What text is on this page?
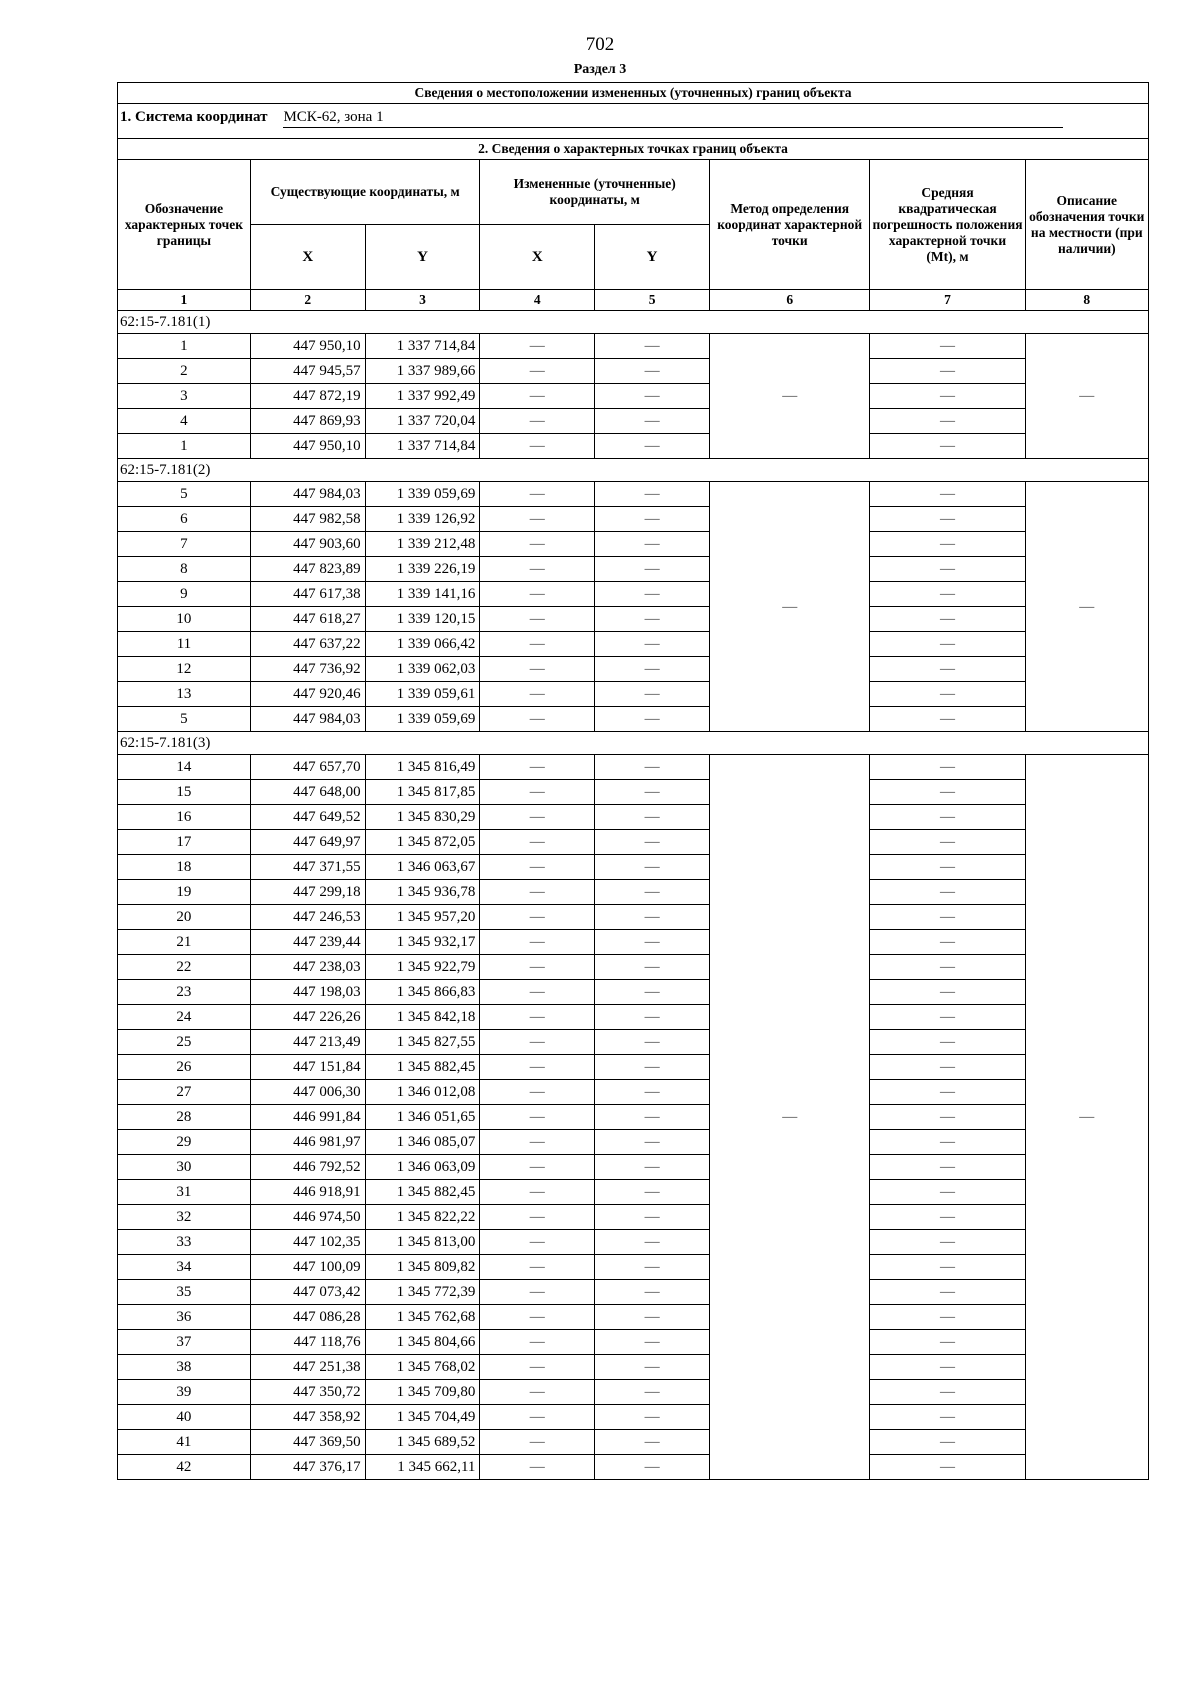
702
Раздел 3
Сведения о местоположении измененных (уточненных) границ объекта							
1. Система координат МСК-62, зона 1							

2. Сведения о характерных точках границ объекта							
Обозначение характерных точек границы	Существующие координаты, м		Измененные (уточненные) координаты, м		Метод определения координат характерной точки	Средняя квадратическая погрешность положения характерной точки (Mt), м	Описание обозначения точки на местности (при наличии)
	X	Y	X	Y			
1	2	3	4	5	6	7	8
62:15-7.181(1)							
1	447 950,10	1 337 714,84	—	—	—	—	—
2	447 945,57	1 337 989,66	—	—		—	
3	447 872,19	1 337 992,49	—	—		—	
4	447 869,93	1 337 720,04	—	—		—	
1	447 950,10	1 337 714,84	—	—		—	
62:15-7.181(2)							
5	447 984,03	1 339 059,69	—	—	—	—	—
6	447 982,58	1 339 126,92	—	—		—	
7	447 903,60	1 339 212,48	—	—		—	
8	447 823,89	1 339 226,19	—	—		—	
9	447 617,38	1 339 141,16	—	—		—	
10	447 618,27	1 339 120,15	—	—		—	
11	447 637,22	1 339 066,42	—	—		—	
12	447 736,92	1 339 062,03	—	—		—	
13	447 920,46	1 339 059,61	—	—		—	
5	447 984,03	1 339 059,69	—	—		—	
62:15-7.181(3)							
14	447 657,70	1 345 816,49	—	—	—	—	—
15	447 648,00	1 345 817,85	—	—		—	
16	447 649,52	1 345 830,29	—	—		—	
17	447 649,97	1 345 872,05	—	—		—	
18	447 371,55	1 346 063,67	—	—		—	
19	447 299,18	1 345 936,78	—	—		—	
20	447 246,53	1 345 957,20	—	—		—	
21	447 239,44	1 345 932,17	—	—		—	
22	447 238,03	1 345 922,79	—	—		—	
23	447 198,03	1 345 866,83	—	—		—	
24	447 226,26	1 345 842,18	—	—		—	
25	447 213,49	1 345 827,55	—	—		—	
26	447 151,84	1 345 882,45	—	—		—	
27	447 006,30	1 346 012,08	—	—		—	
28	446 991,84	1 346 051,65	—	—		—	
29	446 981,97	1 346 085,07	—	—		—	
30	446 792,52	1 346 063,09	—	—		—	
31	446 918,91	1 345 882,45	—	—		—	
32	446 974,50	1 345 822,22	—	—		—	
33	447 102,35	1 345 813,00	—	—		—	
34	447 100,09	1 345 809,82	—	—		—	
35	447 073,42	1 345 772,39	—	—		—	
36	447 086,28	1 345 762,68	—	—		—	
37	447 118,76	1 345 804,66	—	—		—	
38	447 251,38	1 345 768,02	—	—		—	
39	447 350,72	1 345 709,80	—	—		—	
40	447 358,92	1 345 704,49	—	—		—	
41	447 369,50	1 345 689,52	—	—		—	
42	447 376,17	1 345 662,11	—	—		—	
